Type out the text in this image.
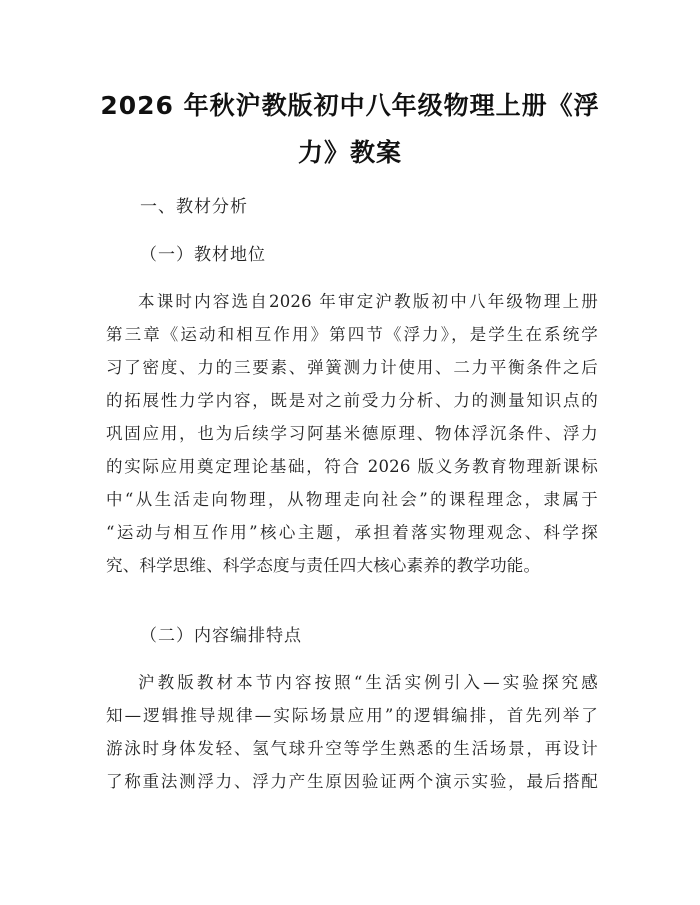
2026 年秋沪教版初中八年级物理上册《浮
力》教案
一、教材分析
（一）教材地位
本课时内容选自2026 年审定沪教版初中八年级物理上册
第三章《运动和相互作用》第四节《浮力》，是学生在系统学
习了密度、力的三要素、弹簧测力计使用、二力平衡条件之后
的拓展性力学内容，既是对之前受力分析、力的测量知识点的
巩固应用，也为后续学习阿基米德原理、物体浮沉条件、浮力
的实际应用奠定理论基础，符合 2026 版义务教育物理新课标
中“从生活走向物理，从物理走向社会”的课程理念，隶属于
“运动与相互作用”核心主题，承担着落实物理观念、科学探
究、科学思维、科学态度与责任四大核心素养的教学功能。
（二）内容编排特点
沪教版教材本节内容按照“生活实例引入—实验探究感
知—逻辑推导规律—实际场景应用”的逻辑编排，首先列举了
游泳时身体发轻、氢气球升空等学生熟悉的生活场景，再设计
了称重法测浮力、浮力产生原因验证两个演示实验，最后搭配
